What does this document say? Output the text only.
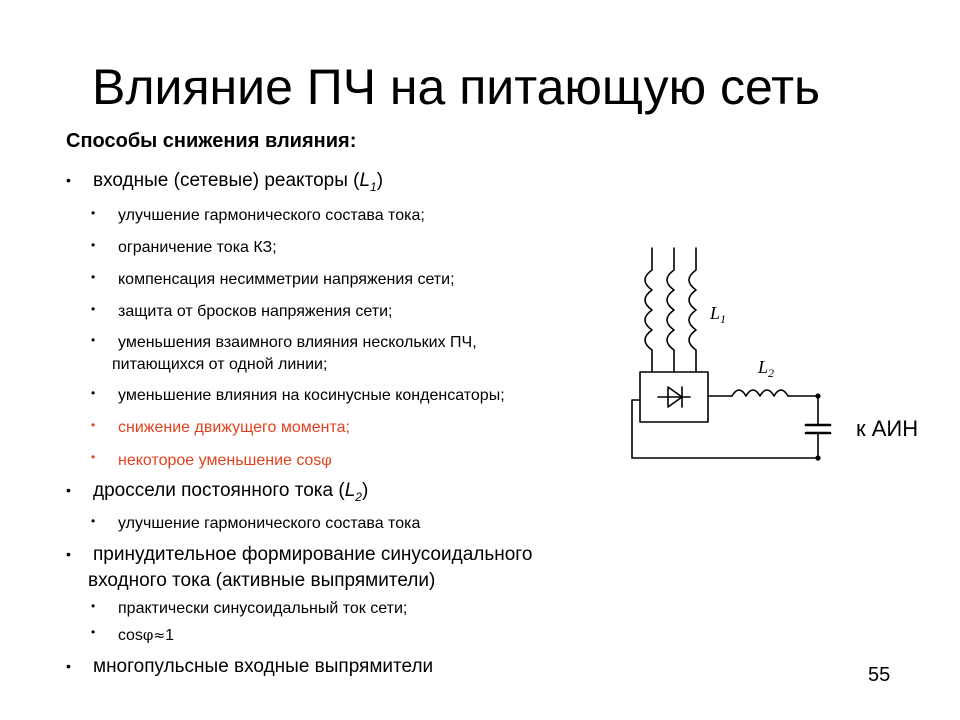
Влияние ПЧ на питающую сеть
Способы снижения влияния:
• входные (сетевые) реакторы $(L_1)$
• улучшение гармонического состава тока;
• ограничение тока КЗ;
• компенсация несимметрии напряжения сети;
• защита от бросков напряжения сети;
• уменьшения взаимного влияния нескольких ПЧ,
питающихся от одной линии;
• уменьшение влияния на косинусные конденсаторы;
• снижение движущего момента;
• некоторое уменьшение cosφ
• дроссели постоянного тока $(L_2)$
• улучшение гармонического состава тока
• принудительное формирование синусоидального
входного тока (активные выпрямители)
• практически синусоидальный ток сети;
• cosφ≈1
• многопульсные входные выпрямители
$L_1$
$L_2$
к АИН
55
